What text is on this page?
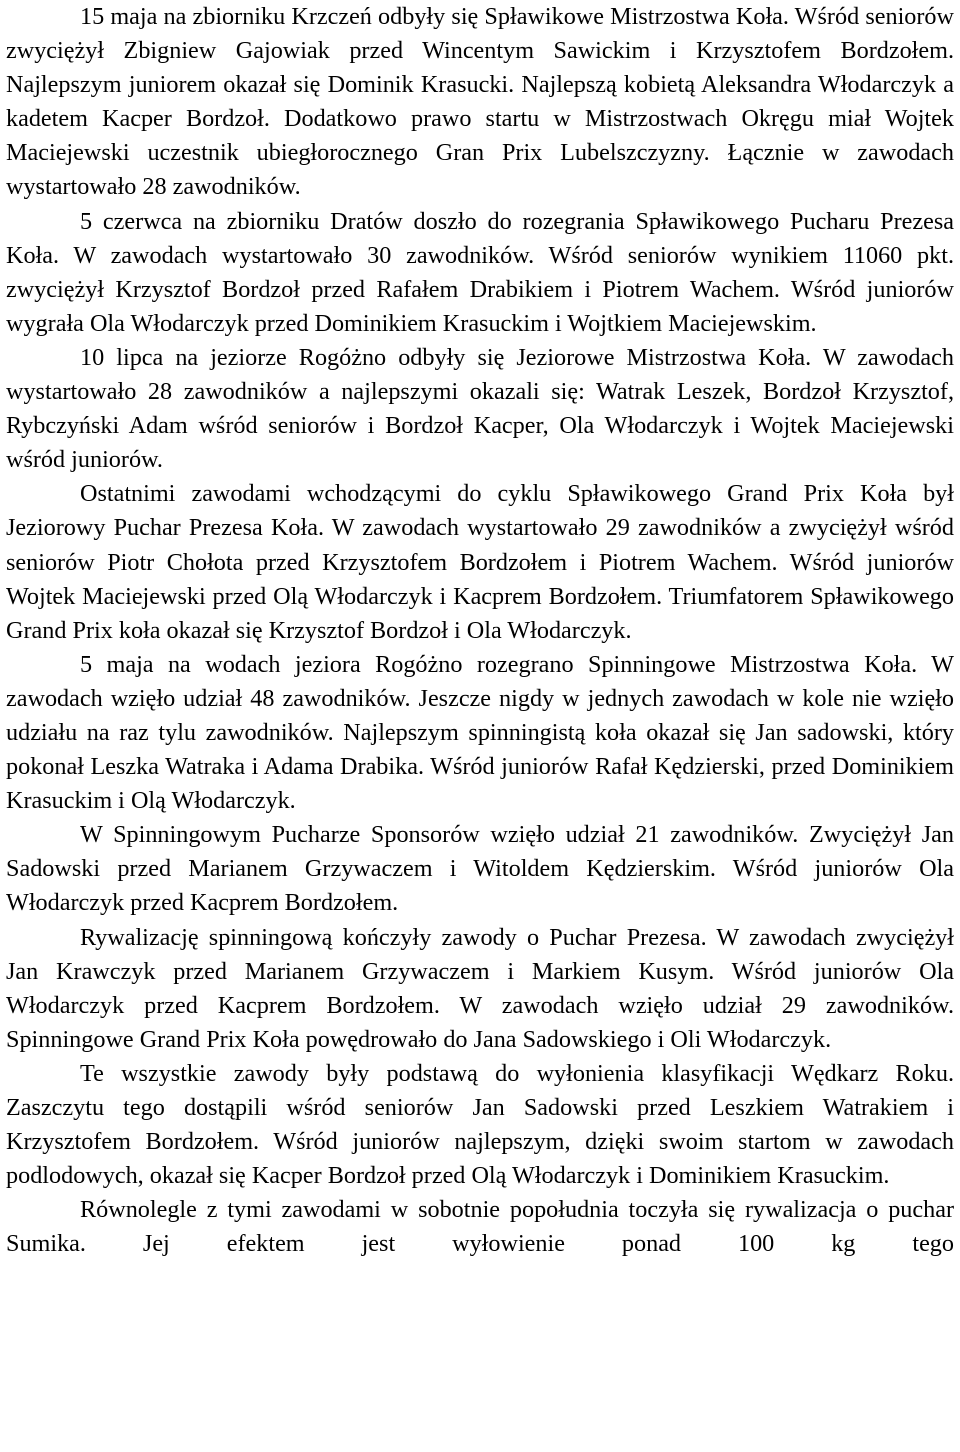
15 maja na zbiorniku Krzczeń odbyły się Spławikowe Mistrzostwa Koła. Wśród seniorów zwyciężył Zbigniew Gajowiak przed Wincentym Sawickim i Krzysztofem Bordzołem. Najlepszym juniorem okazał się Dominik Krasucki. Najlepszą kobietą Aleksandra Włodarczyk a kadetem Kacper Bordzoł. Dodatkowo prawo startu w Mistrzostwach Okręgu miał Wojtek Maciejewski uczestnik ubiegłorocznego Gran Prix Lubelszczyzny. Łącznie w zawodach wystartowało 28 zawodników.

5 czerwca na zbiorniku Dratów doszło do rozegrania Spławikowego Pucharu Prezesa Koła. W zawodach wystartowało 30 zawodników. Wśród seniorów wynikiem 11060 pkt. zwyciężył Krzysztof Bordzoł przed Rafałem Drabikiem i Piotrem Wachem. Wśród juniorów wygrała Ola Włodarczyk przed Dominikiem Krasuckim i Wojtkiem Maciejewskim.

10 lipca na jeziorze Rogóżno odbyły się Jeziorowe Mistrzostwa Koła. W zawodach wystartowało 28 zawodników a najlepszymi okazali się: Watrak Leszek, Bordzoł Krzysztof, Rybczyński Adam wśród seniorów i Bordzoł Kacper, Ola Włodarczyk i Wojtek Maciejewski wśród juniorów.

Ostatnimi zawodami wchodzącymi do cyklu Spławikowego Grand Prix Koła był Jeziorowy Puchar Prezesa Koła. W zawodach wystartowało 29 zawodników a zwyciężył wśród seniorów Piotr Chołota przed Krzysztofem Bordzołem i Piotrem Wachem. Wśród juniorów Wojtek Maciejewski przed Olą Włodarczyk i Kacprem Bordzołem. Triumfatorem Spławikowego Grand Prix koła okazał się Krzysztof Bordzoł i Ola Włodarczyk.

5 maja na wodach jeziora Rogóżno rozegrano Spinningowe Mistrzostwa Koła. W zawodach wzięło udział 48 zawodników. Jeszcze nigdy w jednych zawodach w kole nie wzięło udziału na raz tylu zawodników. Najlepszym spinningistą koła okazał się Jan sadowski, który pokonał Leszka Watraka i Adama Drabika. Wśród juniorów Rafał Kędzierski, przed Dominikiem Krasuckim i Olą Włodarczyk.

W Spinningowym Pucharze Sponsorów wzięło udział 21 zawodników. Zwyciężył Jan Sadowski przed Marianem Grzywaczem i Witoldem Kędzierskim. Wśród juniorów Ola Włodarczyk przed Kacprem Bordzołem.

Rywalizację spinningową kończyły zawody o Puchar Prezesa. W zawodach zwyciężył Jan Krawczyk przed Marianem Grzywaczem i Markiem Kusym. Wśród juniorów Ola Włodarczyk przed Kacprem Bordzołem. W zawodach wzięło udział 29 zawodników. Spinningowe Grand Prix Koła powędrowało do Jana Sadowskiego i Oli Włodarczyk.

Te wszystkie zawody były podstawą do wyłonienia klasyfikacji Wędkarz Roku. Zaszczytu tego dostąpili wśród seniorów Jan Sadowski przed Leszkiem Watrakiem i Krzysztofem Bordzołem. Wśród juniorów najlepszym, dzięki swoim startom w zawodach podlodowych, okazał się Kacper Bordzoł przed Olą Włodarczyk i Dominikiem Krasuckim.

Równolegle z tymi zawodami w sobotnie popołudnia toczyła się rywalizacja o puchar Sumika. Jej efektem jest wyłowienie ponad 100 kg tego
